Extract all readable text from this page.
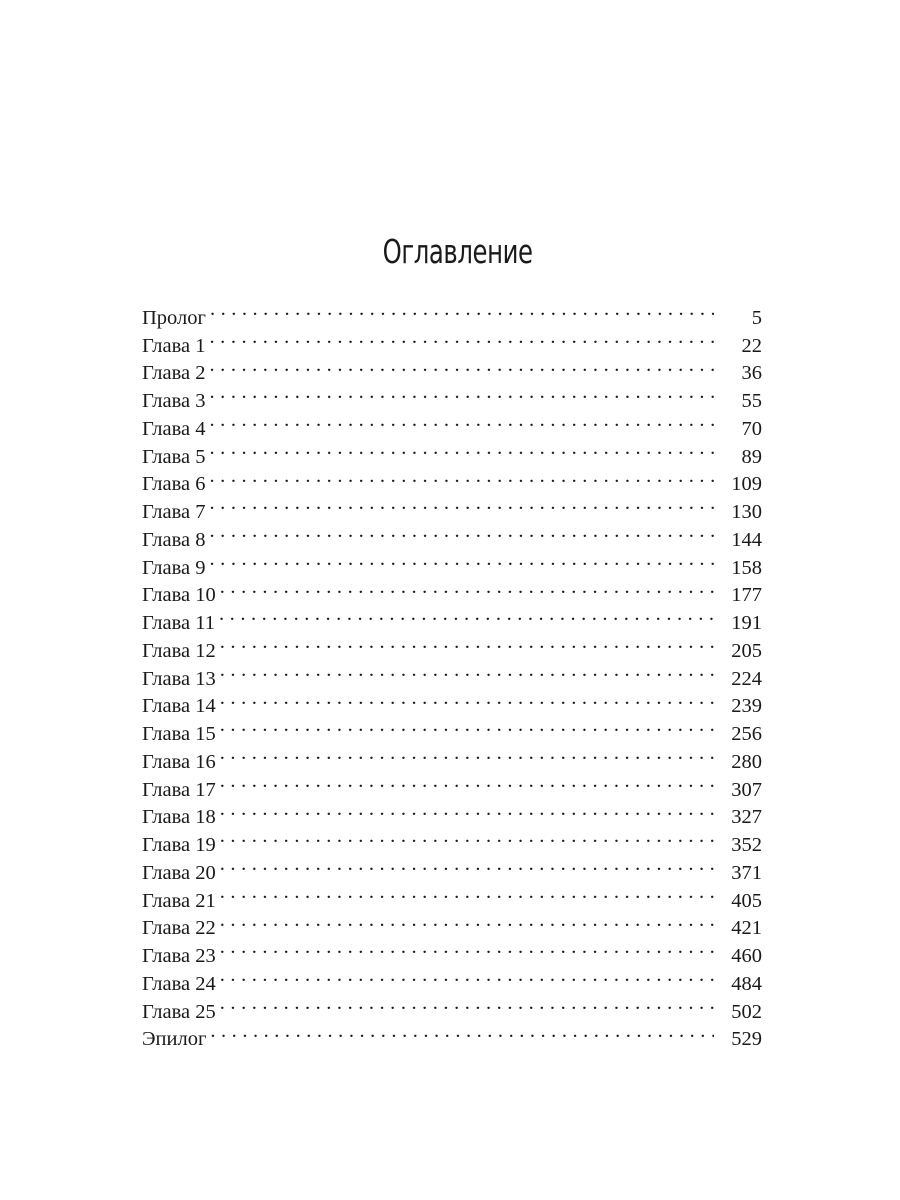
Оглавление
Пролог . . .	5
Глава 1 . . .	22
Глава 2 . . .	36
Глава 3 . . .	55
Глава 4 . . .	70
Глава 5 . . .	89
Глава 6 . . .	109
Глава 7 . . .	130
Глава 8 . . .	144
Глава 9 . . .	158
Глава 10 . . .	177
Глава 11 . . .	191
Глава 12 . . .	205
Глава 13 . . .	224
Глава 14 . . .	239
Глава 15 . . .	256
Глава 16 . . .	280
Глава 17 . . .	307
Глава 18 . . .	327
Глава 19 . . .	352
Глава 20 . . .	371
Глава 21 . . .	405
Глава 22 . . .	421
Глава 23 . . .	460
Глава 24 . . .	484
Глава 25 . . .	502
Эпилог . . .	529
